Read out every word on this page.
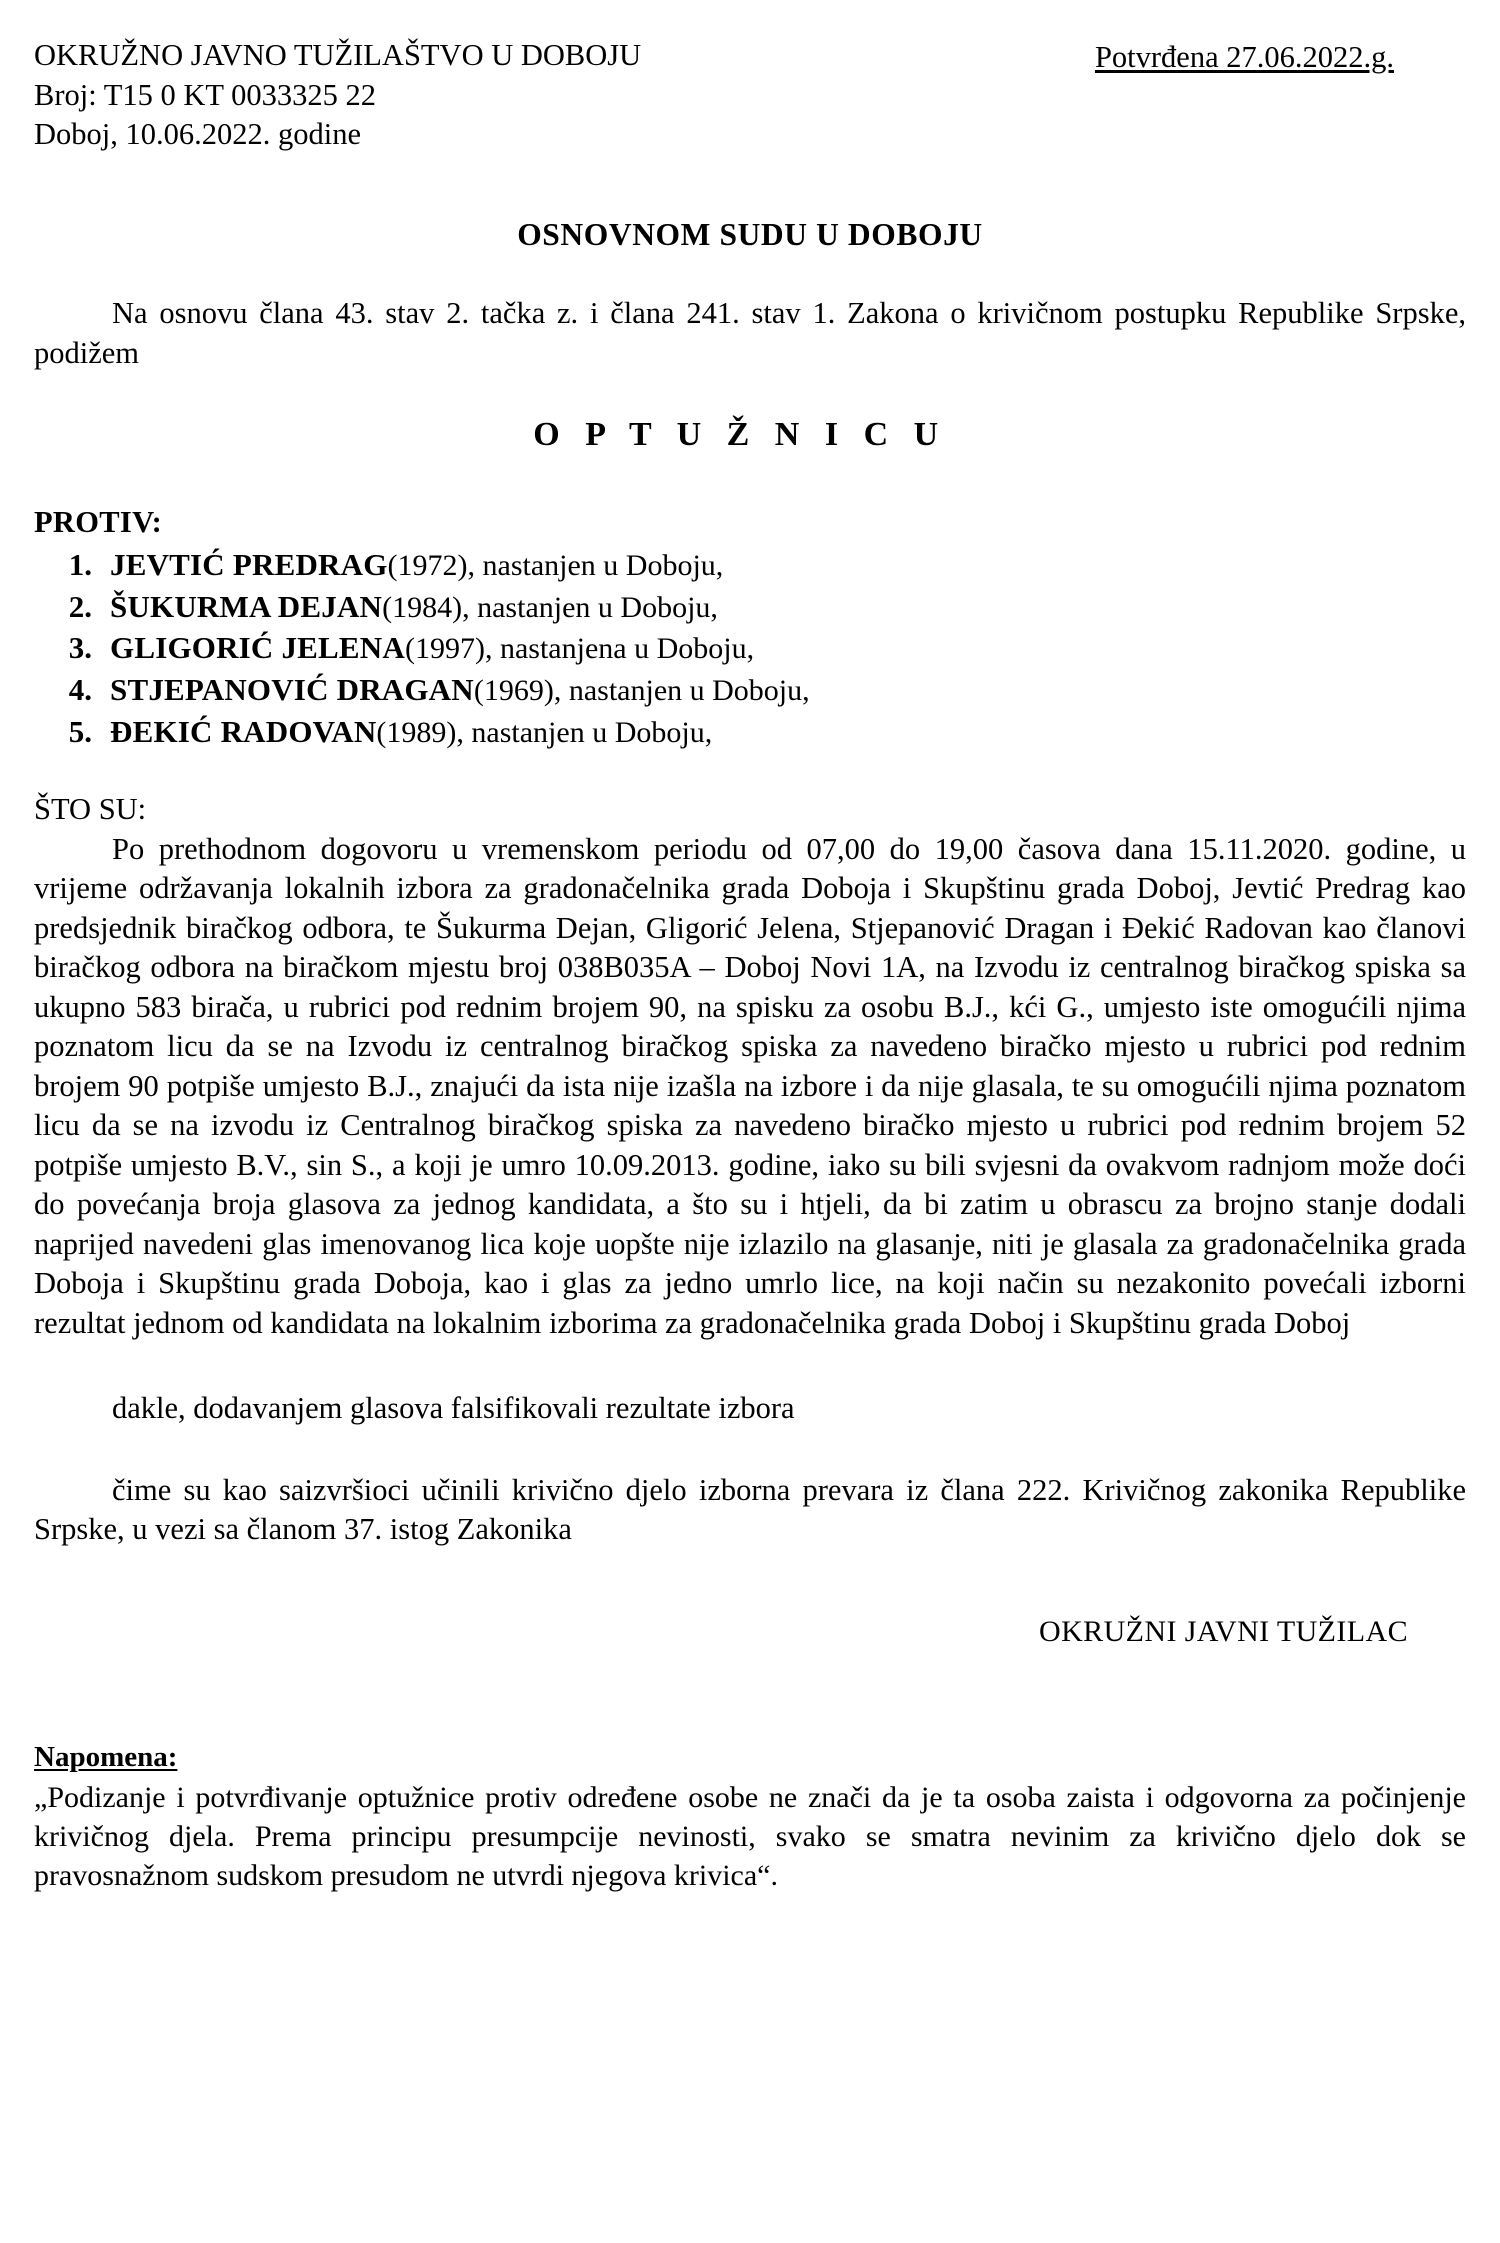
OKRUŽNO JAVNO TUŽILAŠTVO U DOBOJU
Broj: T15 0 KT 0033325 22
Doboj, 10.06.2022. godine
Potvrđena 27.06.2022.g.
OSNOVNOM SUDU U DOBOJU
Na osnovu člana 43. stav 2. tačka z. i člana 241. stav 1. Zakona o krivičnom postupku Republike Srpske, podižem
O P T U Ž N I C U
PROTIV:
1. JEVTIĆ PREDRAG(1972), nastanjen u Doboju,
2. ŠUKURMA DEJAN(1984), nastanjen u Doboju,
3. GLIGORIĆ JELENA(1997), nastanjena u Doboju,
4. STJEPANOVIĆ DRAGAN(1969), nastanjen u Doboju,
5. ĐEKIĆ RADOVAN(1989), nastanjen u Doboju,
ŠTO SU:

Po prethodnom dogovoru u vremenskom periodu od 07,00 do 19,00 časova dana 15.11.2020. godine, u vrijeme održavanja lokalnih izbora za gradonačelnika grada Doboja i Skupštinu grada Doboj, Jevtić Predrag kao predsjednik biračkog odbora, te Šukurma Dejan, Gligorić Jelena, Stjepanović Dragan i Đekić Radovan kao članovi biračkog odbora na biračkom mjestu broj 038B035A – Doboj Novi 1A, na Izvodu iz centralnog biračkog spiska sa ukupno 583 birača, u rubrici pod rednim brojem 90, na spisku za osobu B.J., kći G., umjesto iste omogućili njima poznatom licu da se na Izvodu iz centralnog biračkog spiska za navedeno biračko mjesto u rubrici pod rednim brojem 90 potpiše umjesto B.J., znajući da ista nije izašla na izbore i da nije glasala, te su omogućili njima poznatom licu da se na izvodu iz Centralnog biračkog spiska za navedeno biračko mjesto u rubrici pod rednim brojem 52 potpiše umjesto B.V., sin S., a koji je umro 10.09.2013. godine, iako su bili svjesni da ovakvom radnjom može doći do povećanja broja glasova za jednog kandidata, a što su i htjeli, da bi zatim u obrascu za brojno stanje dodali naprijed navedeni glas imenovanog lica koje uopšte nije izlazilo na glasanje, niti je glasala za gradonačelnika grada Doboja i Skupštinu grada Doboja, kao i glas za jedno umrlo lice, na koji način su nezakonito povećali izborni rezultat jednom od kandidata na lokalnim izborima za gradonačelnika grada Doboj i Skupštinu grada Doboj

dakle, dodavanjem glasova falsifikovali rezultate izbora

čime su kao saizvršioci učinili krivično djelo izborna prevara iz člana 222. Krivičnog zakonika Republike Srpske, u vezi sa članom 37. istog Zakonika

OKRUŽNI JAVNI TUŽILAC
Napomena:

„Podizanje i potvrđivanje optužnice protiv određene osobe ne znači da je ta osoba zaista i odgovorna za počinjenje krivičnog djela. Prema principu presumpcije nevinosti, svako se smatra nevinim za krivično djelo dok se pravosnažnom sudskom presudom ne utvrdi njegova krivica“.
